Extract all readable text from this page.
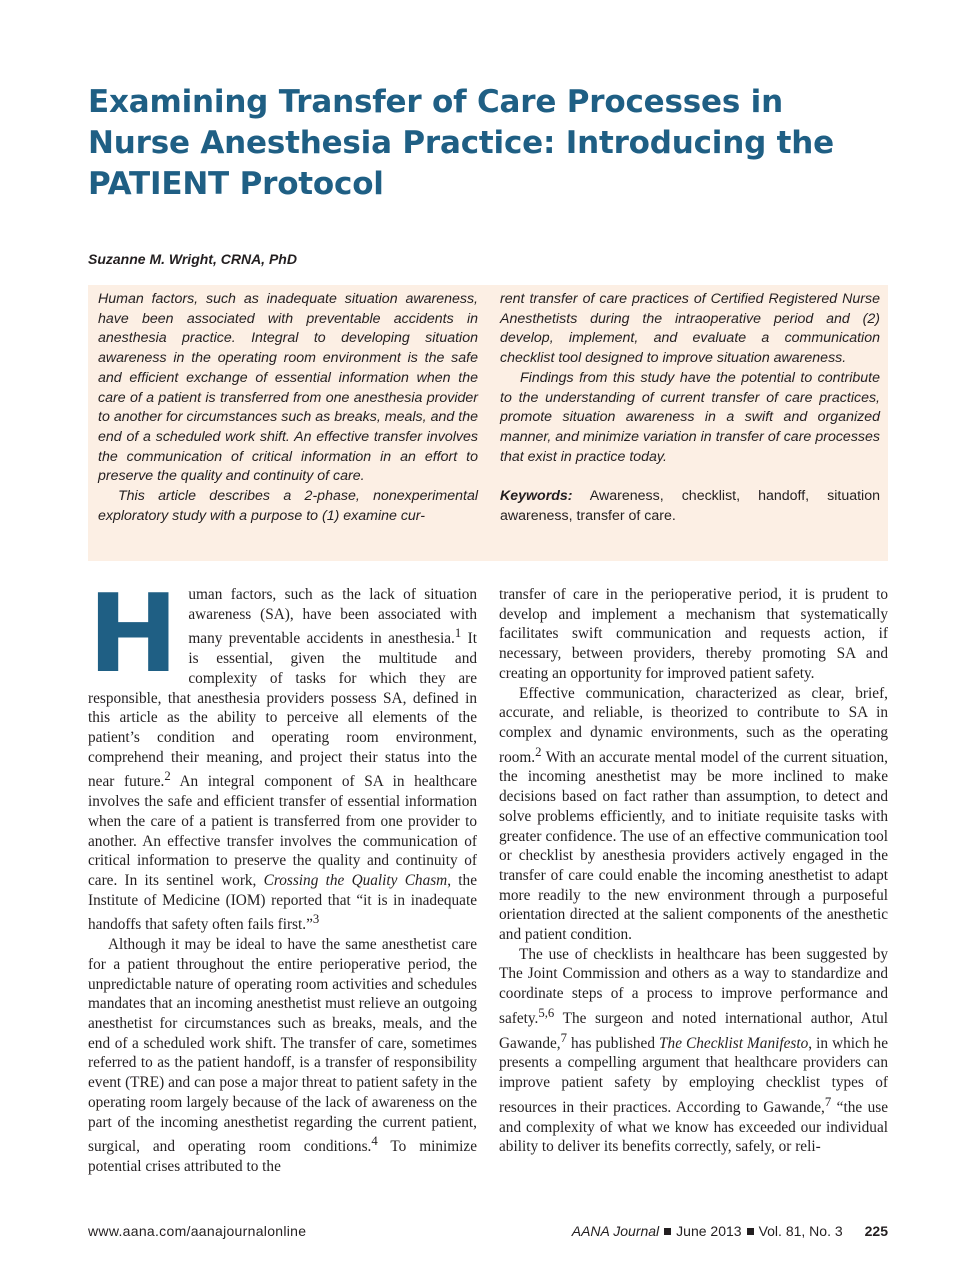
Examining Transfer of Care Processes in Nurse Anesthesia Practice: Introducing the PATIENT Protocol
Suzanne M. Wright, CRNA, PhD

Human factors, such as inadequate situation awareness, have been associated with preventable accidents in anesthesia practice. Integral to developing situation awareness in the operating room environment is the safe and efficient exchange of essential information when the care of a patient is transferred from one anesthesia provider to another for circumstances such as breaks, meals, and the end of a scheduled work shift. An effective transfer involves the communication of critical information in an effort to preserve the quality and continuity of care.

This article describes a 2-phase, nonexperimental exploratory study with a purpose to (1) examine cur-

rent transfer of care practices of Certified Registered Nurse Anesthetists during the intraoperative period and (2) develop, implement, and evaluate a communication checklist tool designed to improve situation awareness.

Findings from this study have the potential to contribute to the understanding of current transfer of care practices, promote situation awareness in a swift and organized manner, and minimize variation in transfer of care processes that exist in practice today.

Keywords: Awareness, checklist, handoff, situation awareness, transfer of care.

Human factors, such as the lack of situation awareness (SA), have been associated with many preventable accidents in anesthesia.$^1$ It is essential, given the multitude and complexity of tasks for which they are responsible, that anesthesia providers possess SA, defined in this article as the ability to perceive all elements of the patient’s condition and operating room environment, comprehend their meaning, and project their status into the near future.$^2$ An integral component of SA in healthcare involves the safe and efficient transfer of essential information when the care of a patient is transferred from one provider to another. An effective transfer involves the communication of critical information to preserve the quality and continuity of care. In its sentinel work, Crossing the Quality Chasm, the Institute of Medicine (IOM) reported that “it is in inadequate handoffs that safety often fails first.”$^3$

Although it may be ideal to have the same anesthetist care for a patient throughout the entire perioperative period, the unpredictable nature of operating room activities and schedules mandates that an incoming anesthetist must relieve an outgoing anesthetist for circumstances such as breaks, meals, and the end of a scheduled work shift. The transfer of care, sometimes referred to as the patient handoff, is a transfer of responsibility event (TRE) and can pose a major threat to patient safety in the operating room largely because of the lack of awareness on the part of the incoming anesthetist regarding the current patient, surgical, and operating room conditions.$^4$ To minimize potential crises attributed to the

transfer of care in the perioperative period, it is prudent to develop and implement a mechanism that systematically facilitates swift communication and requests action, if necessary, between providers, thereby promoting SA and creating an opportunity for improved patient safety.

Effective communication, characterized as clear, brief, accurate, and reliable, is theorized to contribute to SA in complex and dynamic environments, such as the operating room.$^2$ With an accurate mental model of the current situation, the incoming anesthetist may be more inclined to make decisions based on fact rather than assumption, to detect and solve problems efficiently, and to initiate requisite tasks with greater confidence. The use of an effective communication tool or checklist by anesthesia providers actively engaged in the transfer of care could enable the incoming anesthetist to adapt more readily to the new environment through a purposeful orientation directed at the salient components of the anesthetic and patient condition.

The use of checklists in healthcare has been suggested by The Joint Commission and others as a way to standardize and coordinate steps of a process to improve performance and safety.$^{5,6}$ The surgeon and noted international author, Atul Gawande,$^7$ has published The Checklist Manifesto, in which he presents a compelling argument that healthcare providers can improve patient safety by employing checklist types of resources in their practices. According to Gawande,$^7$ “the use and complexity of what we know has exceeded our individual ability to deliver its benefits correctly, safely, or reli-

www.aana.com/aanajournalonline	AANA Journal June 2013 Vol. 81, No. 3 225
